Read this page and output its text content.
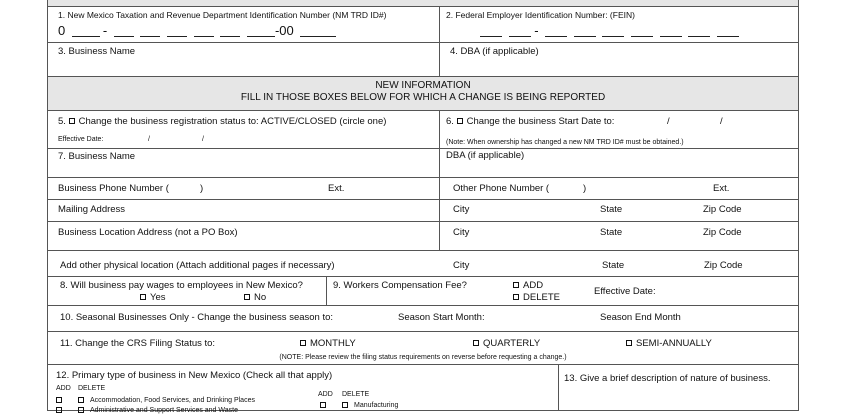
1. New Mexico Taxation and Revenue Department Identification Number (NM TRD ID#)
0	-	-00
2. Federal Employer Identification Number: (FEIN)
-
3. Business Name	4. DBA (if applicable)
NEW INFORMATION
FILL IN THOSE BOXES BELOW FOR WHICH A CHANGE IS BEING REPORTED
5. Change the business registration status to: ACTIVE/CLOSED (circle one)
Effective Date:	/	/
6. Change the business Start Date to:	/	/
(Note: When ownership has changed a new NM TRD ID# must be obtained.)
7. Business Name	DBA (if applicable)
Business Phone Number (	)	Ext.	Other Phone Number (	)	Ext.
Mailing Address	City	State	Zip Code
Business Location Address (not a PO Box)	City	State	Zip Code
Add other physical location (Attach additional pages if necessary)	City	State	Zip Code
8. Will business pay wages to employees in New Mexico?
Yes	No
9. Workers Compensation Fee?	ADD
DELETE
Effective Date:
10. Seasonal Businesses Only - Change the business season to:	Season Start Month:	Season End Month
11. Change the CRS Filing Status to:	MONTHLY	QUARTERLY	SEMI-ANNUALLY
(NOTE: Please review the filing status requirements on reverse before requesting a change.)
12. Primary type of business in New Mexico (Check all that apply)
ADD DELETE
Accommodation, Food Services, and Drinking Places
Administrative and Support Services and Waste
ADD DELETE
Manufacturing
13. Give a brief description of nature of business.
